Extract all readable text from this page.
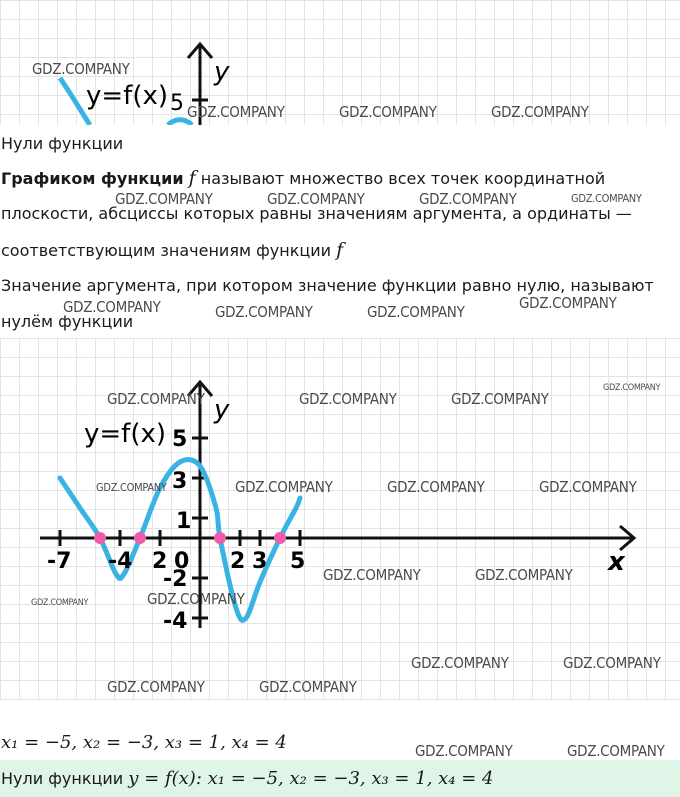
y=f(x)
y
5
GDZ.COMPANY
GDZ.COMPANY	GDZ.COMPANY	GDZ.COMPANY
Нули функции
Графиком функции f называют множество всех точек координатной
плоскости, абсциссы которых равны значениям аргумента, а ординаты —
соответствующим значениям функции f
Значение аргумента, при котором значение функции равно нулю, называют
нулём функции
GDZ.COMPANY	GDZ.COMPANY	GDZ.COMPANY	GDZ.COMPANY
GDZ.COMPANY	GDZ.COMPANY	GDZ.COMPANY	GDZ.COMPANY
y=f(x)
y
x
-7 -4 2 0 2 3 5
5
3
1
-2
-4
GDZ.COMPANY	GDZ.COMPANY	GDZ.COMPANY
GDZ.COMPANY
GDZ.COMPANY	GDZ.COMPANY	GDZ.COMPANY	GDZ.COMPANY
GDZ.COMPANY	GDZ.COMPANY
GDZ.COMPANY	GDZ.COMPANY
GDZ.COMPANY	GDZ.COMPANY
GDZ.COMPANY	GDZ.COMPANY
x₁ = −5, x₂ = −3, x₃ = 1, x₄ = 4	GDZ.COMPANY	GDZ.COMPANY
Нули функции y = f(x): x₁ = −5, x₂ = −3, x₃ = 1, x₄ = 4
